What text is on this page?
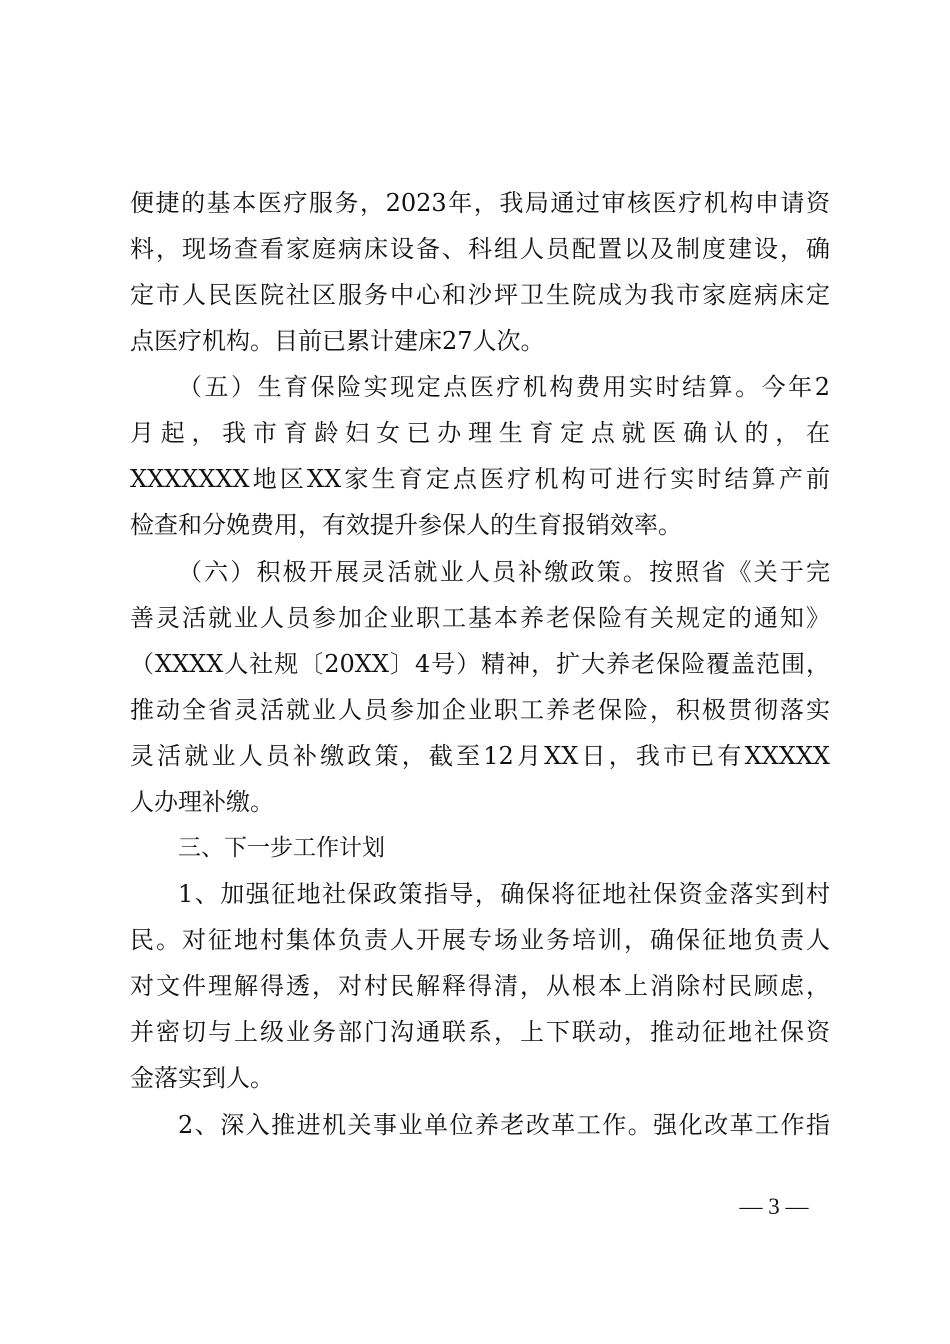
便捷的基本医疗服务，2023年，我局通过审核医疗机构申请资
料，现场查看家庭病床设备、科组人员配置以及制度建设，确
定市人民医院社区服务中心和沙坪卫生院成为我市家庭病床定
点医疗机构。目前已累计建床27人次。
（五）生育保险实现定点医疗机构费用实时结算。今年2
月起，我市育龄妇女已办理生育定点就医确认的，在
XXXXXXX地区XX家生育定点医疗机构可进行实时结算产前
检查和分娩费用，有效提升参保人的生育报销效率。
（六）积极开展灵活就业人员补缴政策。按照省《关于完
善灵活就业人员参加企业职工基本养老保险有关规定的通知》
（XXXX人社规〔20XX〕4号）精神，扩大养老保险覆盖范围，
推动全省灵活就业人员参加企业职工养老保险，积极贯彻落实
灵活就业人员补缴政策，截至12月XX日，我市已有XXXXX
人办理补缴。
三、下一步工作计划
1、加强征地社保政策指导，确保将征地社保资金落实到村
民。对征地村集体负责人开展专场业务培训，确保征地负责人
对文件理解得透，对村民解释得清，从根本上消除村民顾虑，
并密切与上级业务部门沟通联系，上下联动，推动征地社保资
金落实到人。
2、深入推进机关事业单位养老改革工作。强化改革工作指
— 3 —
